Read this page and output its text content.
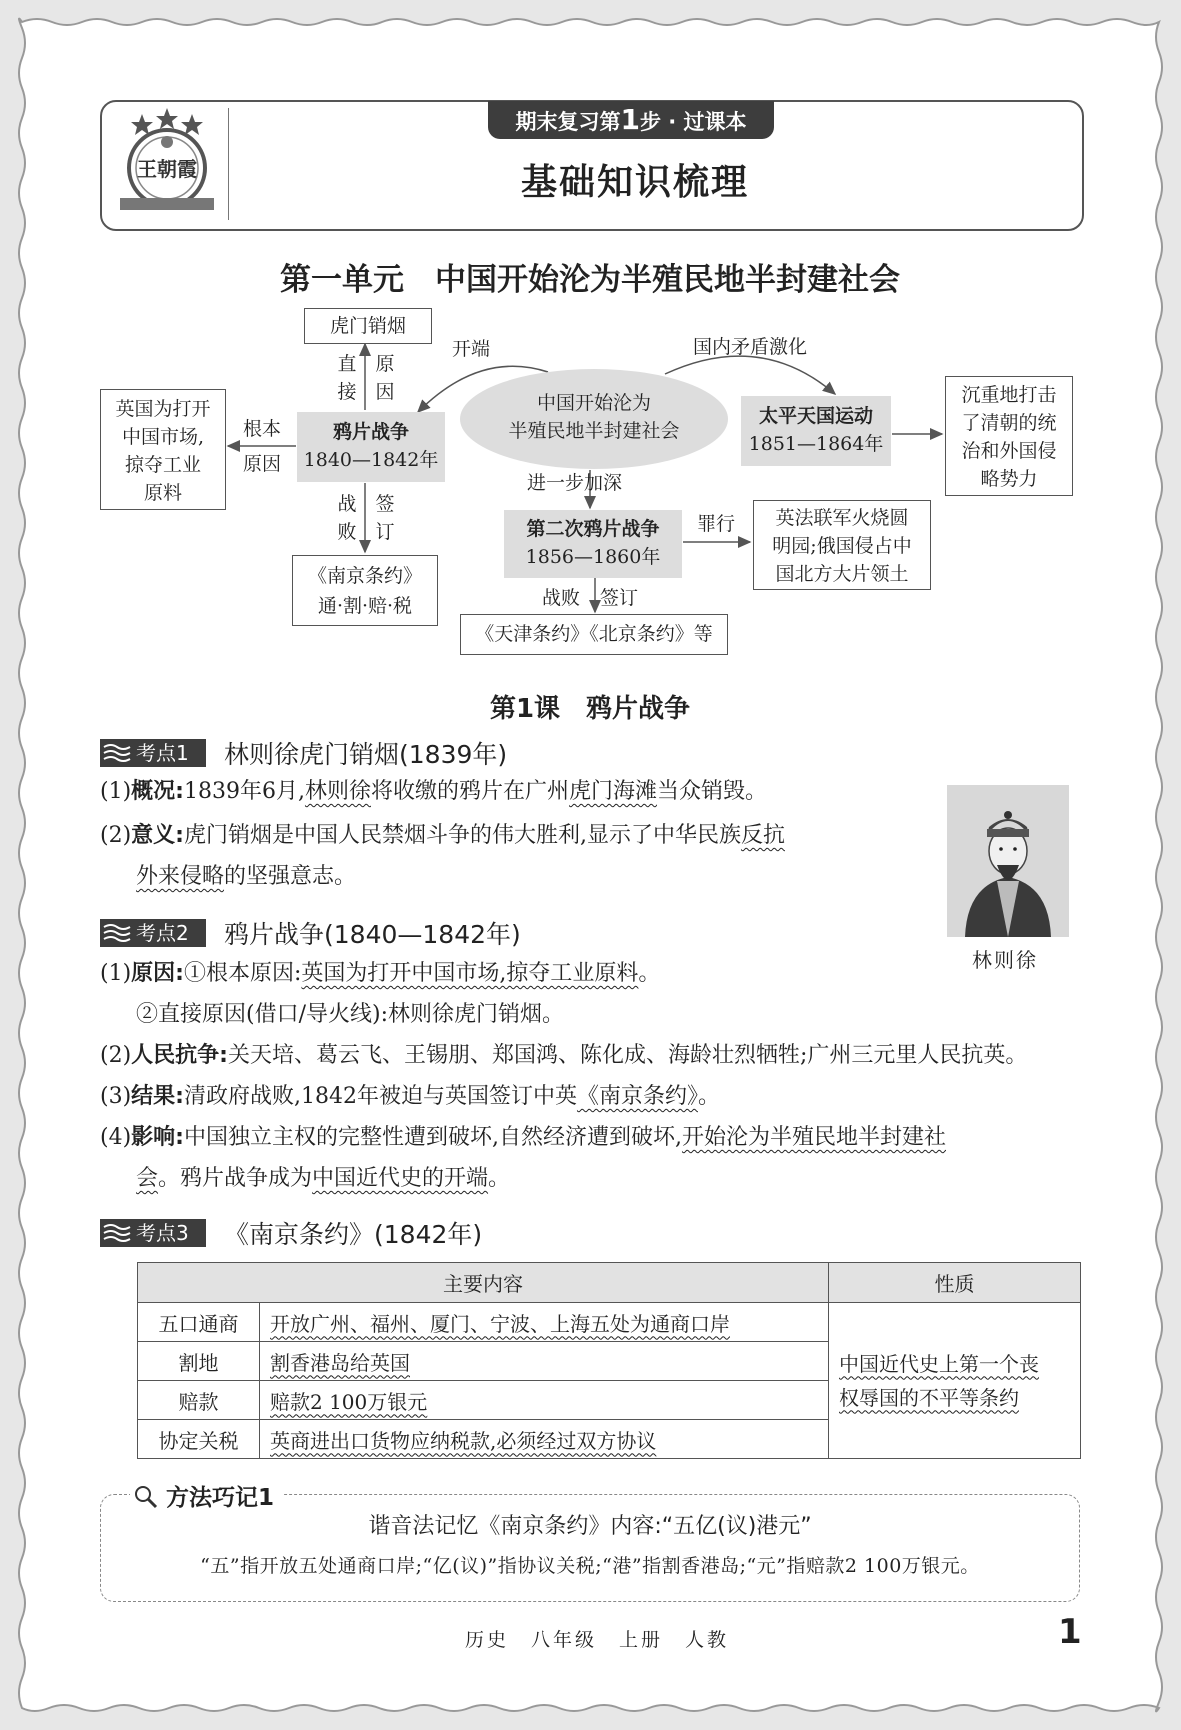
王朝霞
期末复习第1步 · 过课本
基础知识梳理
第一单元　中国开始沦为半殖民地半封建社会
虎门销烟
直
接
原
因
英国为打开
中国市场,
掠夺工业
原料
根本
原因
鸦片战争
1840—1842年
战
败
签
订
《南京条约》
通·割·赔·税
开端	国内矛盾激化
中国开始沦为
半殖民地半封建社会
太平天国运动
1851—1864年
沉重地打击
了清朝的统
治和外国侵
略势力
进一步加深
第二次鸦片战争
1856—1860年
罪行	英法联军火烧圆
明园;俄国侵占中
国北方大片领土
战败 签订
《天津条约》《北京条约》等
第1课　鸦片战争
考点1 林则徐虎门销烟(1839年)
(1)概况:1839年6月,林则徐将收缴的鸦片在广州虎门海滩当众销毁。
(2)意义:虎门销烟是中国人民禁烟斗争的伟大胜利,显示了中华民族反抗
外来侵略的坚强意志。
林则徐
考点2 鸦片战争(1840—1842年)
(1)原因:①根本原因:英国为打开中国市场,掠夺工业原料。
②直接原因(借口/导火线):林则徐虎门销烟。
(2)人民抗争:关天培、葛云飞、王锡朋、郑国鸿、陈化成、海龄壮烈牺牲;广州三元里人民抗英。
(3)结果:清政府战败,1842年被迫与英国签订中英《南京条约》。
(4)影响:中国独立主权的完整性遭到破坏,自然经济遭到破坏,开始沦为半殖民地半封建社
会。鸦片战争成为中国近代史的开端。
考点3 《南京条约》(1842年)
主要内容		性质
五口通商	开放广州、福州、厦门、宁波、上海五处为通商口岸	中国近代史上第一个丧
权辱国的不平等条约
割地	割香港岛给英国	
赔款	赔款2 100万银元	
协定关税	英商进出口货物应纳税款,必须经过双方协议	
方法巧记1
谐音法记忆《南京条约》内容:“五亿(议)港元”
“五”指开放五处通商口岸;“亿(议)”指协议关税;“港”指割香港岛;“元”指赔款2 100万银元。
历史　八年级　上册　人教	1
